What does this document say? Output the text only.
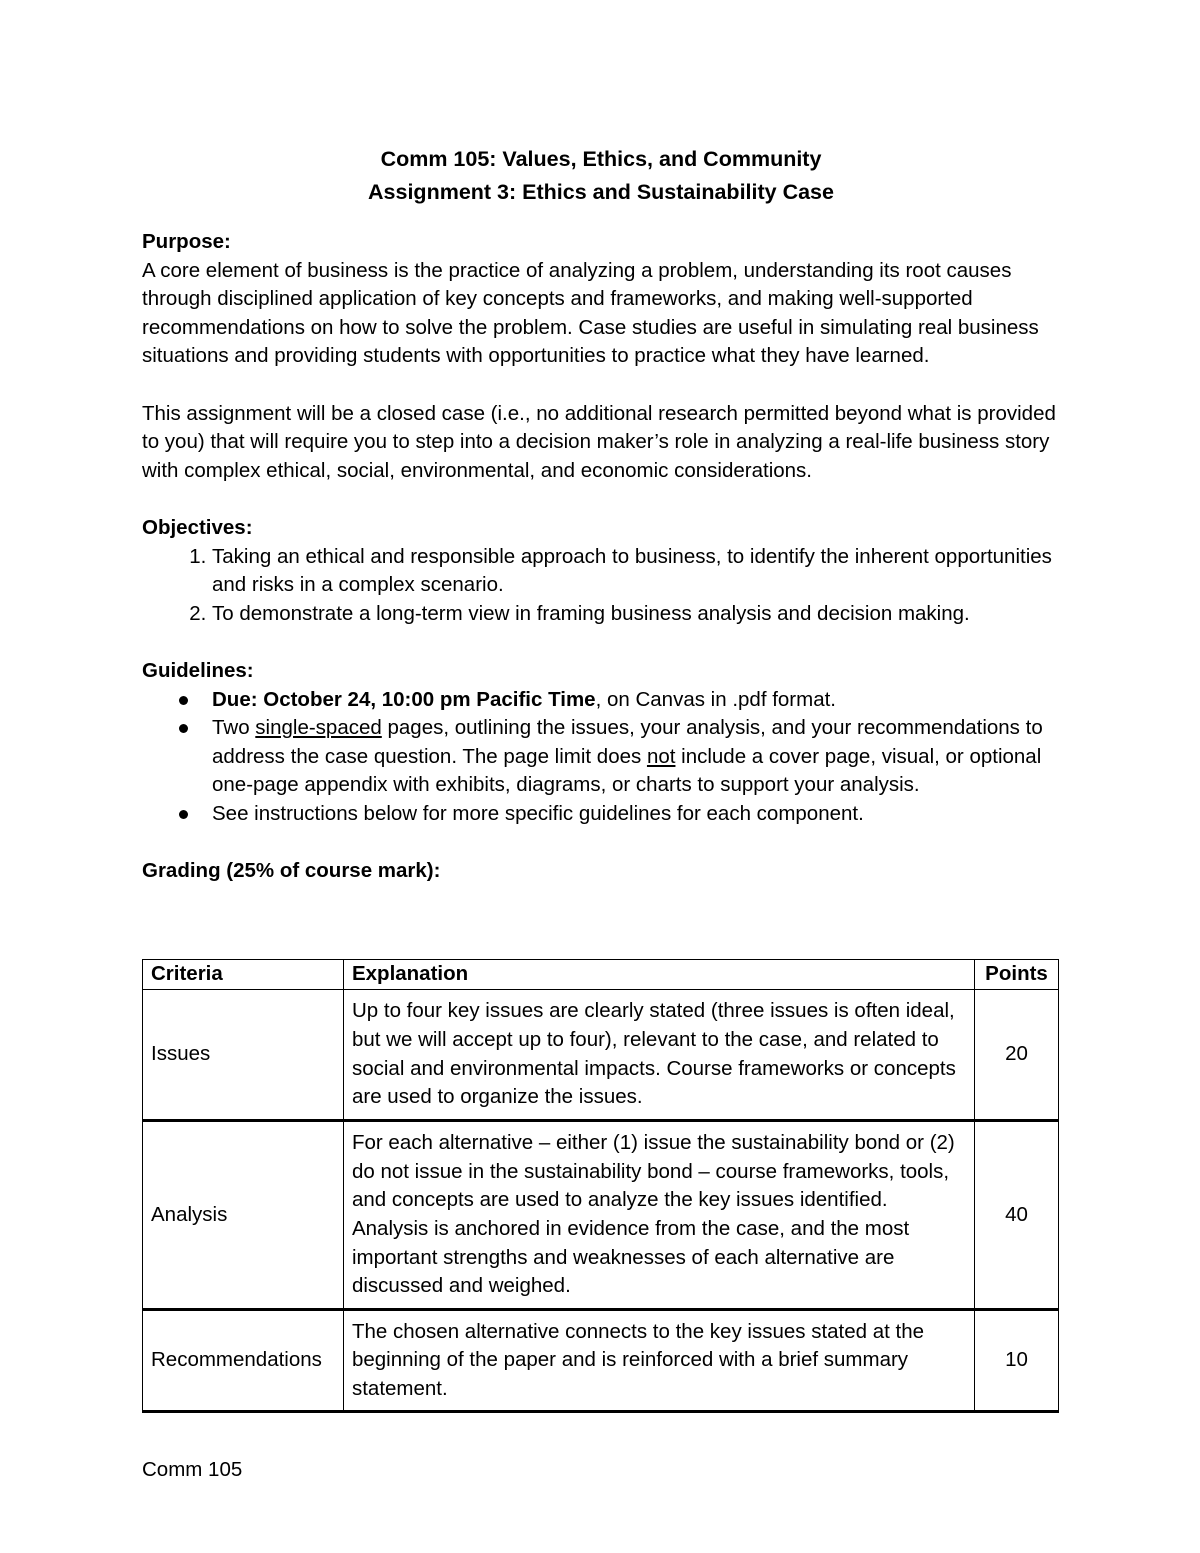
Comm 105: Values, Ethics, and Community
Assignment 3: Ethics and Sustainability Case
Purpose:

A core element of business is the practice of analyzing a problem, understanding its root causes through disciplined application of key concepts and frameworks, and making well-supported recommendations on how to solve the problem. Case studies are useful in simulating real business situations and providing students with opportunities to practice what they have learned.

This assignment will be a closed case (i.e., no additional research permitted beyond what is provided to you) that will require you to step into a decision maker’s role in analyzing a real-life business story with complex ethical, social, environmental, and economic considerations.

Objectives:
1. Taking an ethical and responsible approach to business, to identify the inherent opportunities and risks in a complex scenario.
2. To demonstrate a long-term view in framing business analysis and decision making.
Guidelines:
Due: October 24, 10:00 pm Pacific Time, on Canvas in .pdf format.
Two single-spaced pages, outlining the issues, your analysis, and your recommendations to address the case question. The page limit does not include a cover page, visual, or optional one-page appendix with exhibits, diagrams, or charts to support your analysis.
See instructions below for more specific guidelines for each component.
Grading (25% of course mark):
Criteria	Explanation	Points
Issues	Up to four key issues are clearly stated (three issues is often ideal, but we will accept up to four), relevant to the case, and related to social and environmental impacts. Course frameworks or concepts are used to organize the issues.	20
Analysis	For each alternative – either (1) issue the sustainability bond or (2) do not issue in the sustainability bond – course frameworks, tools, and concepts are used to analyze the key issues identified. Analysis is anchored in evidence from the case, and the most important strengths and weaknesses of each alternative are discussed and weighed.	40
Recommendations	The chosen alternative connects to the key issues stated at the beginning of the paper and is reinforced with a brief summary statement.	10
Comm 105
